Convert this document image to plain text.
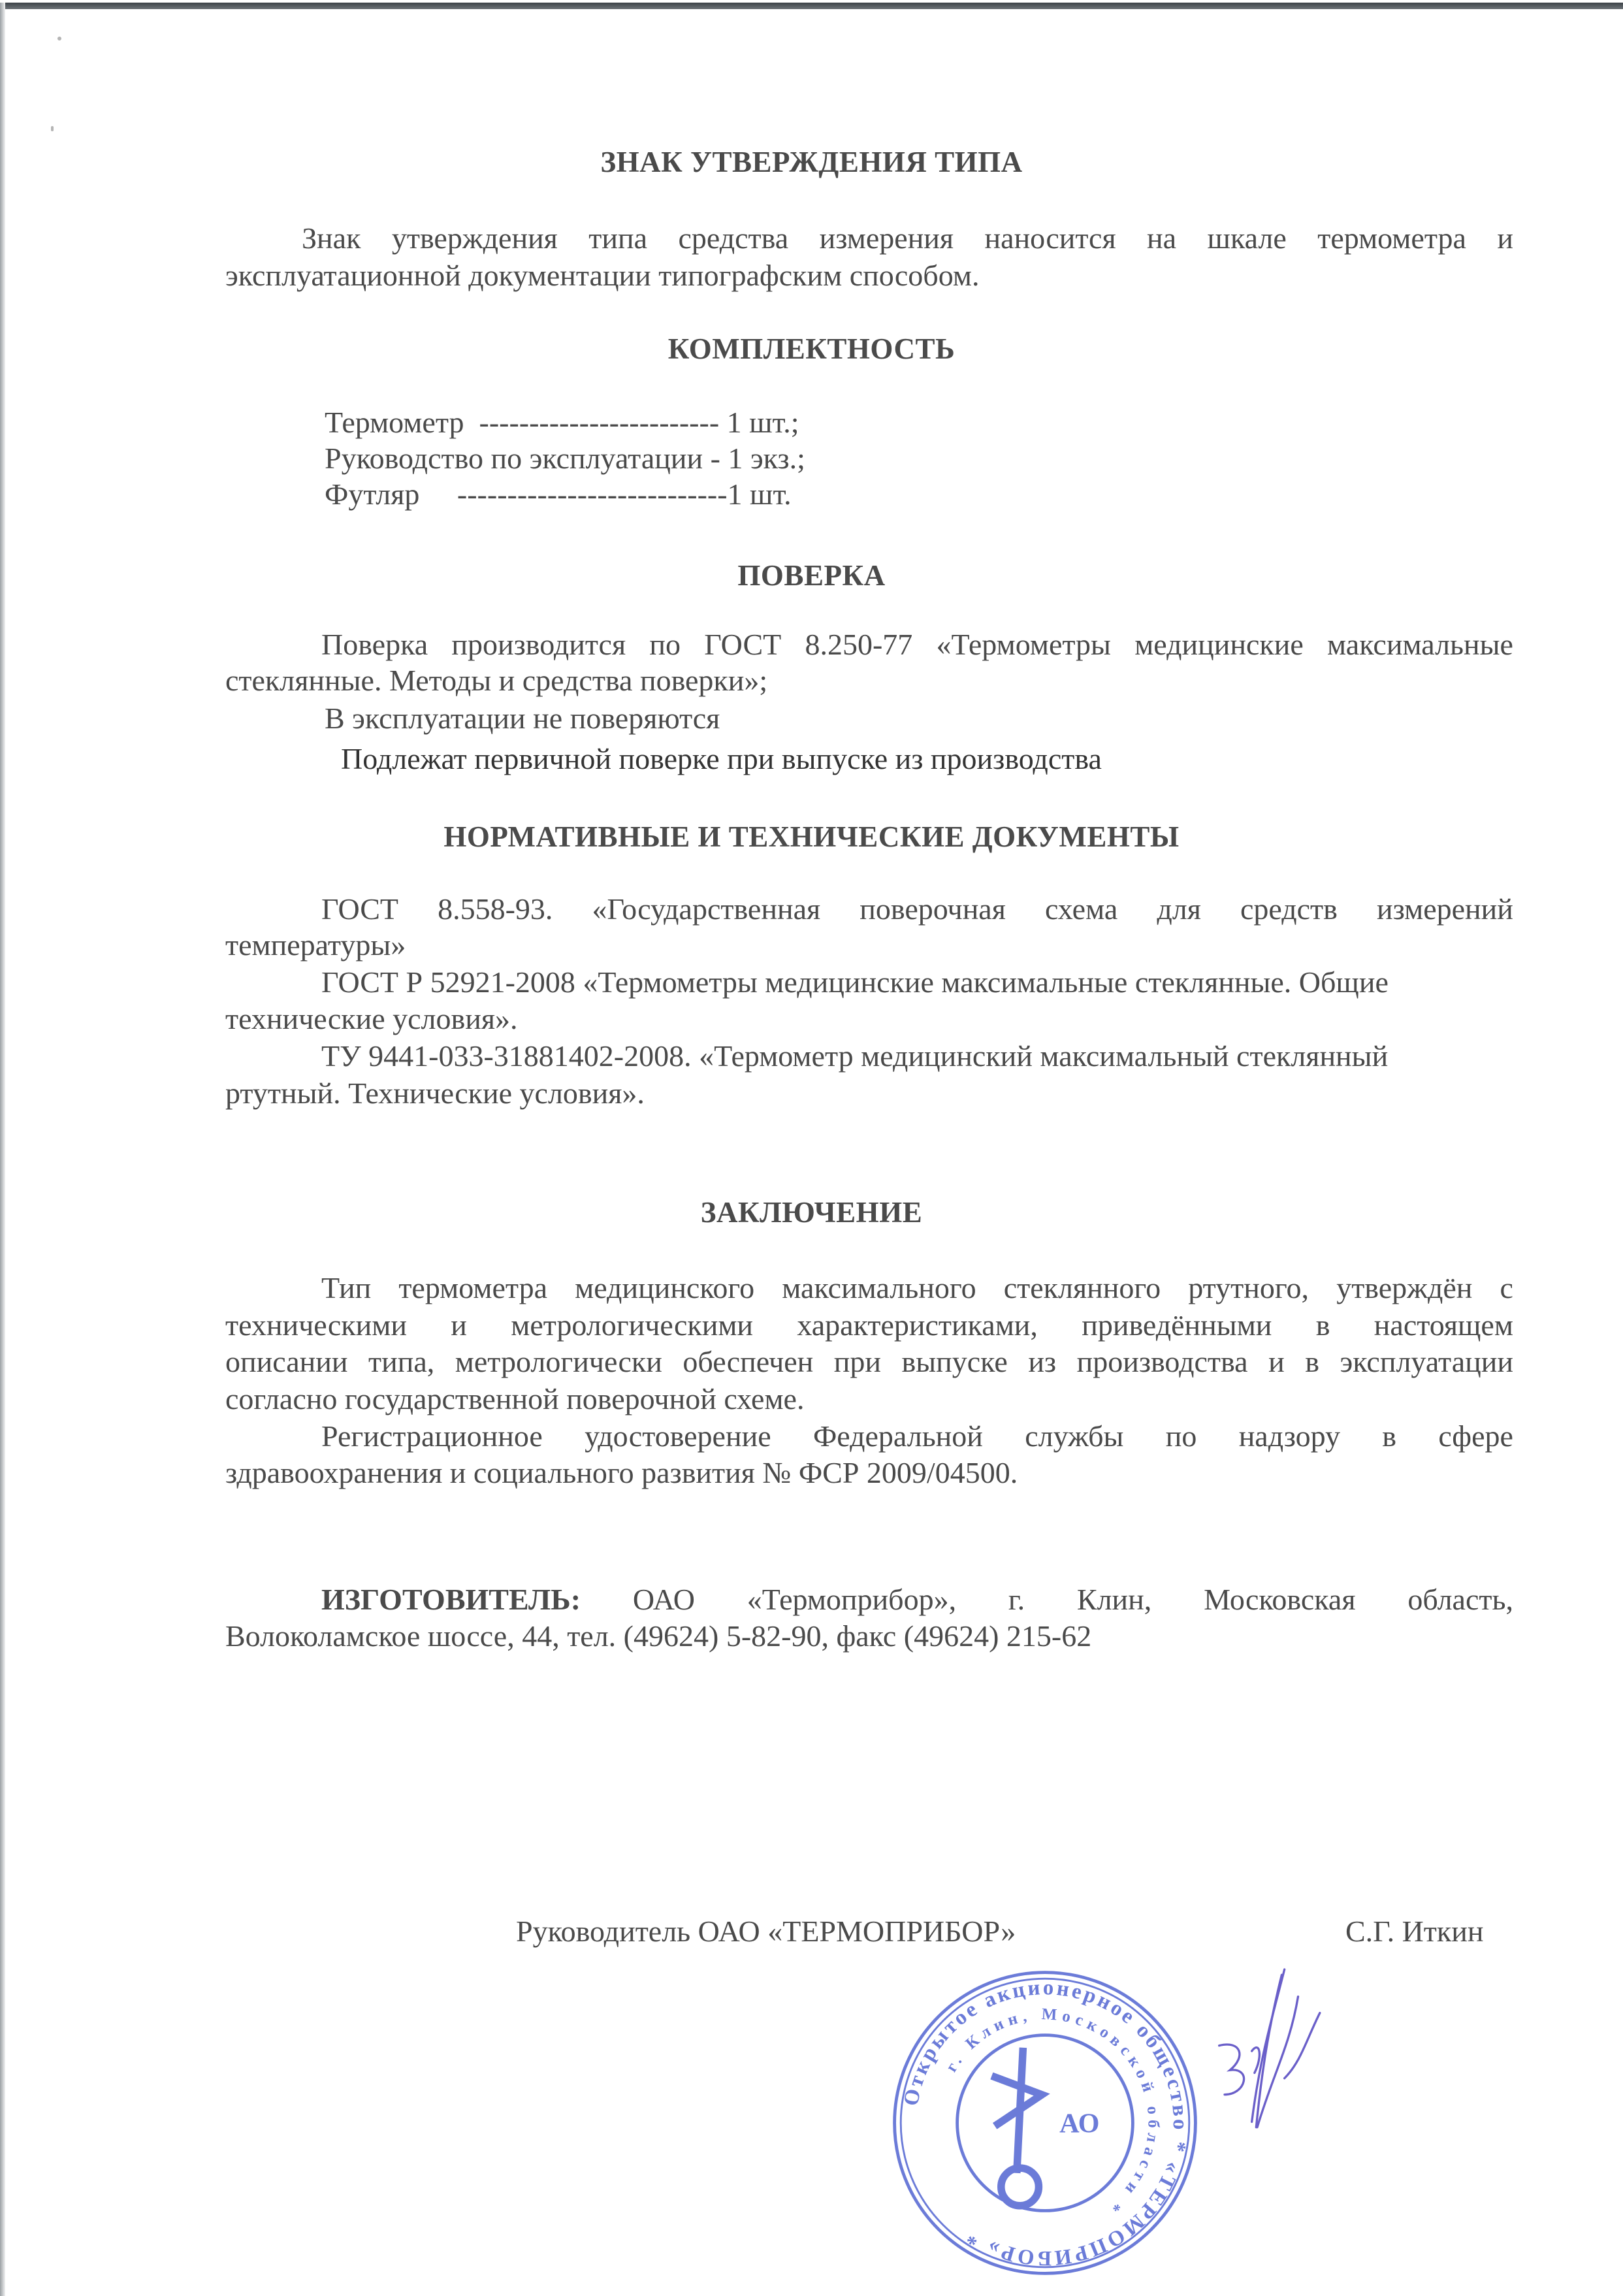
ЗНАК УТВЕРЖДЕНИЯ ТИПА
Знак утверждения типа средства измерения наносится на шкале термометра и
эксплуатационной документации типографским способом.
КОМПЛЕКТНОСТЬ
Термометр ------------------------ 1 шт.;
Руководство по эксплуатации - 1 экз.;
Футляр ---------------------------1 шт.
ПОВЕРКА
Поверка производится по ГОСТ 8.250-77 «Термометры медицинские максимальные
стеклянные. Методы и средства поверки»;
В эксплуатации не поверяются
Подлежат первичной поверке при выпуске из производства
НОРМАТИВНЫЕ И ТЕХНИЧЕСКИЕ ДОКУМЕНТЫ
ГОСТ 8.558-93. «Государственная поверочная схема для средств измерений
температуры»
ГОСТ Р 52921-2008 «Термометры медицинские максимальные стеклянные. Общие
технические условия».
ТУ 9441-033-31881402-2008. «Термометр медицинский максимальный стеклянный
ртутный. Технические условия».
ЗАКЛЮЧЕНИЕ
Тип термометра медицинского максимального стеклянного ртутного, утверждён с
техническими и метрологическими характеристиками, приведёнными в настоящем
описании типа, метрологически обеспечен при выпуске из производства и в эксплуатации
согласно государственной поверочной схеме.
Регистрационное удостоверение Федеральной службы по надзору в сфере
здравоохранения и социального развития № ФСР 2009/04500.
ИЗГОТОВИТЕЛЬ: ОАО «Термоприбор», г. Клин, Московская область,
Волоколамское шоссе, 44, тел. (49624) 5-82-90, факс (49624) 215-62
Руководитель ОАО «ТЕРМОПРИБОР»	С.Г. Иткин
Открытое акционерное общество * «ТЕРМОПРИБОР» *
г. Клин, Московской области *
АО
